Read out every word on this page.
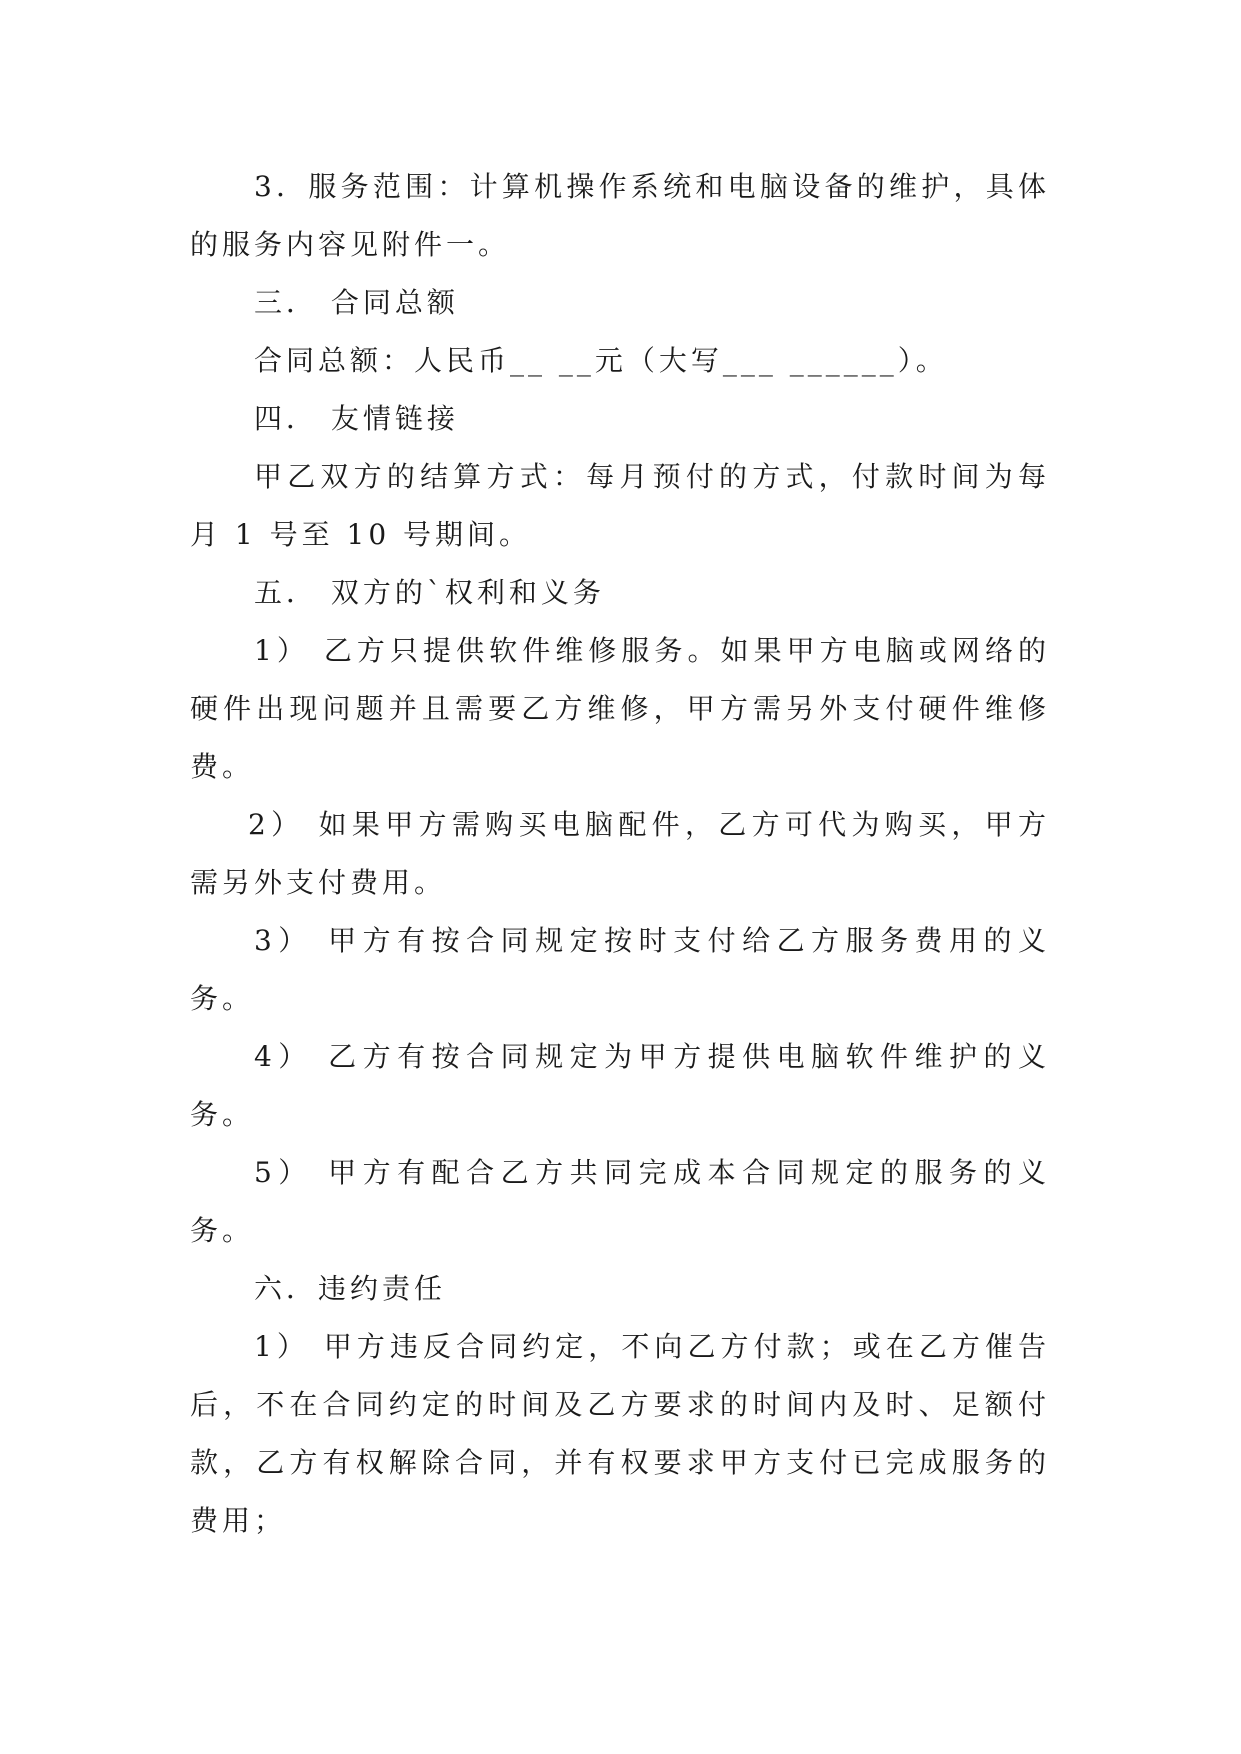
3．服务范围：计算机操作系统和电脑设备的维护，具体的服务内容见附件一。

三． 合同总额

合同总额：人民币__ __元（大写___ ______）。

四． 友情链接

甲乙双方的结算方式：每月预付的方式，付款时间为每月 1 号至 10 号期间。

五． 双方的`权利和义务

1） 乙方只提供软件维修服务。如果甲方电脑或网络的硬件出现问题并且需要乙方维修，甲方需另外支付硬件维修费。

2） 如果甲方需购买电脑配件，乙方可代为购买，甲方需另外支付费用。

3） 甲方有按合同规定按时支付给乙方服务费用的义务。

4） 乙方有按合同规定为甲方提供电脑软件维护的义务。

5） 甲方有配合乙方共同完成本合同规定的服务的义务。

六．违约责任

1） 甲方违反合同约定，不向乙方付款；或在乙方催告后，不在合同约定的时间及乙方要求的时间内及时、足额付款，乙方有权解除合同，并有权要求甲方支付已完成服务的费用；
